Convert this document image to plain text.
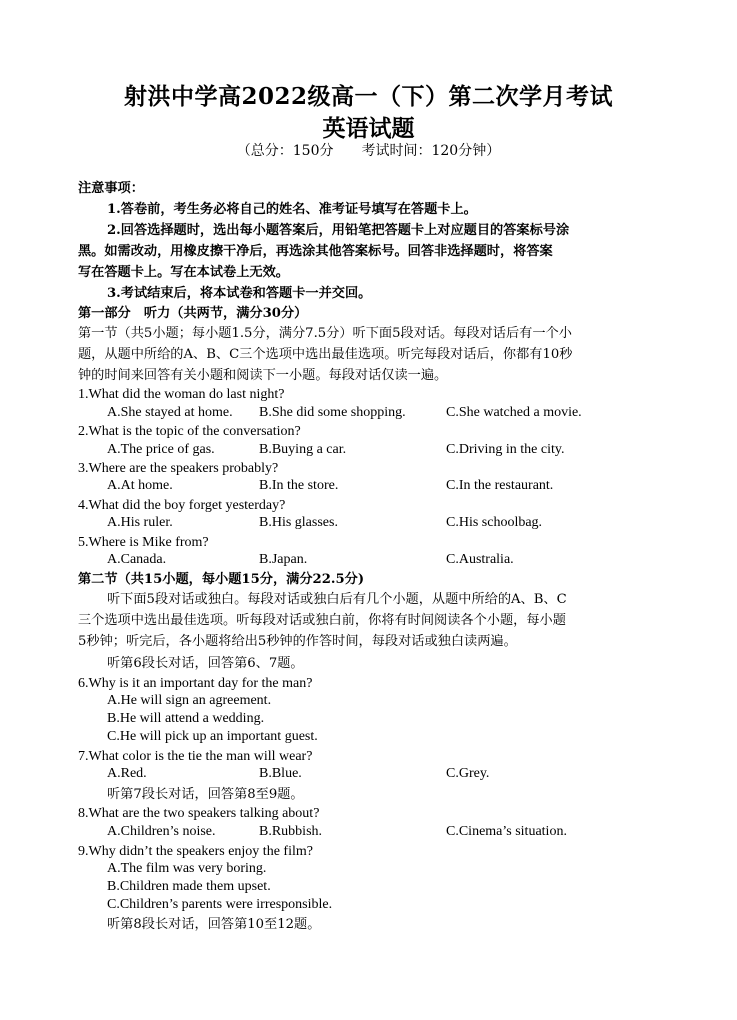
射洪中学高2022级高一（下）第二次学月考试
英语试题
（总分：150分　　考试时间：120分钟）
注意事项：
1.答卷前，考生务必将自己的姓名、准考证号填写在答题卡上。
2.回答选择题时，选出每小题答案后，用铅笔把答题卡上对应题目的答案标号涂
黑。如需改动，用橡皮擦干净后，再选涂其他答案标号。回答非选择题时，将答案
写在答题卡上。写在本试卷上无效。
3.考试结束后，将本试卷和答题卡一并交回。
第一部分　听力（共两节，满分30分）
第一节（共5小题；每小题1.5分，满分7.5分）听下面5段对话。每段对话后有一个小
题，从题中所给的A、B、C三个选项中选出最佳选项。听完每段对话后，你都有10秒
钟的时间来回答有关小题和阅读下一小题。每段对话仅读一遍。
1.What did the woman do last night?
A.She stayed at home. B.She did some shopping.	C.She watched a movie.
2.What is the topic of the conversation?
A.The price of gas.	B.Buying a car.	C.Driving in the city.
3.Where are the speakers probably?
A.At home.	B.In the store.	C.In the restaurant.
4.What did the boy forget yesterday?
A.His ruler.	B.His glasses.	C.His schoolbag.
5.Where is Mike from?
A.Canada.	B.Japan.	C.Australia.
第二节（共15小题，每小题15分，满分22.5分)
听下面5段对话或独白。每段对话或独白后有几个小题，从题中所给的A、B、C
三个选项中选出最佳选项。听每段对话或独白前，你将有时间阅读各个小题，每小题
5秒钟；听完后，各小题将给出5秒钟的作答时间，每段对话或独白读两遍。
听第6段长对话，回答第6、7题。
6.Why is it an important day for the man?
A.He will sign an agreement.
B.He will attend a wedding.
C.He will pick up an important guest.
7.What color is the tie the man will wear?
A.Red.	B.Blue.	C.Grey.
听第7段长对话，回答第8至9题。
8.What are the two speakers talking about?
A.Children’s noise.	B.Rubbish.	C.Cinema’s situation.
9.Why didn’t the speakers enjoy the film?
A.The film was very boring.
B.Children made them upset.
C.Children’s parents were irresponsible.
听第8段长对话，回答第10至12题。
